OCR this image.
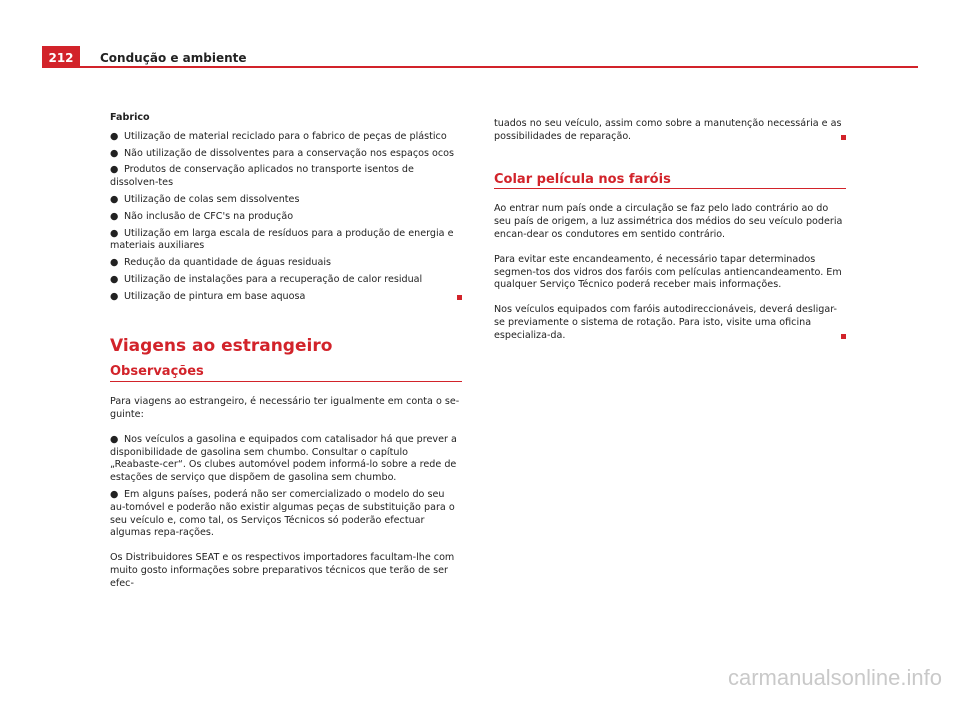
212	Condução e ambiente

Fabrico

● Utilização de material reciclado para o fabrico de peças de plástico

● Não utilização de dissolventes para a conservação nos espaços ocos

● Produtos de conservação aplicados no transporte isentos de dissolven-tes

● Utilização de colas sem dissolventes

● Não inclusão de CFC's na produção

● Utilização em larga escala de resíduos para a produção de energia e materiais auxiliares

● Redução da quantidade de águas residuais

● Utilização de instalações para a recuperação de calor residual

● Utilização de pintura em base aquosa

Viagens ao estrangeiro
Observações

Para viagens ao estrangeiro, é necessário ter igualmente em conta o se-guinte:

● Nos veículos a gasolina e equipados com catalisador há que prever a disponibilidade de gasolina sem chumbo. Consultar o capítulo „Reabaste-cer“. Os clubes automóvel podem informá-lo sobre a rede de estações de serviço que dispõem de gasolina sem chumbo.

● Em alguns países, poderá não ser comercializado o modelo do seu au-tomóvel e poderão não existir algumas peças de substituição para o seu veículo e, como tal, os Serviços Técnicos só poderão efectuar algumas repa-rações.

Os Distribuidores SEAT e os respectivos importadores facultam-lhe com muito gosto informações sobre preparativos técnicos que terão de ser efec-

tuados no seu veículo, assim como sobre a manutenção necessária e as possibilidades de reparação.

Colar película nos faróis

Ao entrar num país onde a circulação se faz pelo lado contrário ao do seu país de origem, a luz assimétrica dos médios do seu veículo poderia encan-dear os condutores em sentido contrário.

Para evitar este encandeamento, é necessário tapar determinados segmen-tos dos vidros dos faróis com películas antiencandeamento. Em qualquer Serviço Técnico poderá receber mais informações.

Nos veículos equipados com faróis autodireccionáveis, deverá desligar-se previamente o sistema de rotação. Para isto, visite uma oficina especializa-da.

carmanualsonline.info
